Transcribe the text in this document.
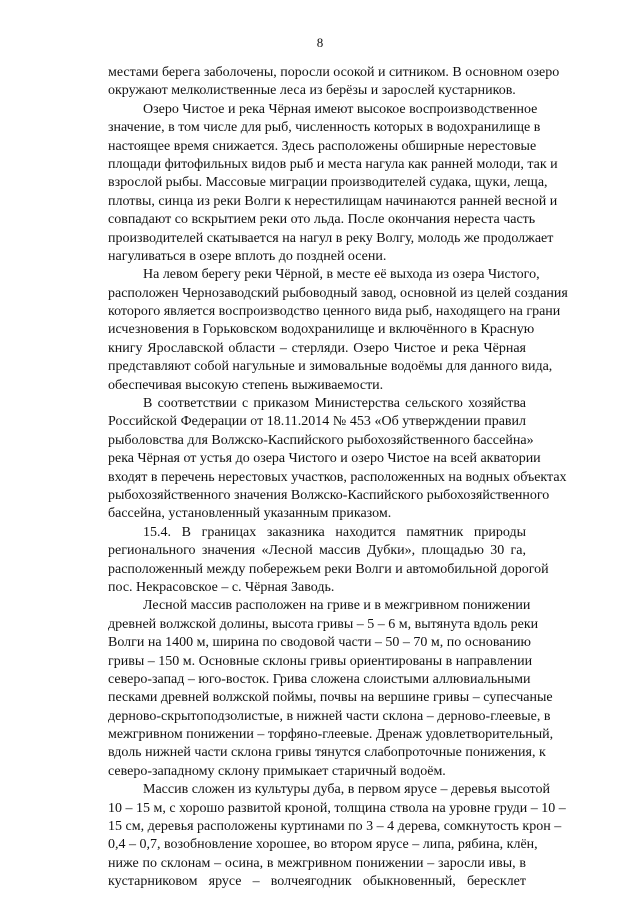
8
местами берега заболочены, поросли осокой и ситником. В основном озеро
окружают мелколиственные леса из берёзы и зарослей кустарников.
Озеро Чистое и река Чёрная имеют высокое воспроизводственное
значение, в том числе для рыб, численность которых в водохранилище в
настоящее время снижается. Здесь расположены обширные нерестовые
площади фитофильных видов рыб и места нагула как ранней молоди, так и
взрослой рыбы. Массовые миграции производителей судака, щуки, леща,
плотвы, синца из реки Волги к нерестилищам начинаются ранней весной и
совпадают со вскрытием реки ото льда. После окончания нереста часть
производителей скатывается на нагул в реку Волгу, молодь же продолжает
нагуливаться в озере вплоть до поздней осени.
На левом берегу реки Чёрной, в месте её выхода из озера Чистого,
расположен Чернозаводский рыбоводный завод, основной из целей создания
которого является воспроизводство ценного вида рыб, находящего на грани
исчезновения в Горьковском водохранилище и включённого в Красную
книгу Ярославской области – стерляди. Озеро Чистое и река Чёрная
представляют собой нагульные и зимовальные водоёмы для данного вида,
обеспечивая высокую степень выживаемости.
В соответствии с приказом Министерства сельского хозяйства
Российской Федерации от 18.11.2014 № 453 «Об утверждении правил
рыболовства для Волжско-Каспийского рыбохозяйственного бассейна»
река Чёрная от устья до озера Чистого и озеро Чистое на всей акватории
входят в перечень нерестовых участков, расположенных на водных объектах
рыбохозяйственного значения Волжско-Каспийского рыбохозяйственного
бассейна, установленный указанным приказом.
15.4. В границах заказника находится памятник природы
регионального значения «Лесной массив Дубки», площадью 30 га,
расположенный между побережьем реки Волги и автомобильной дорогой
пос. Некрасовское – с. Чёрная Заводь.
Лесной массив расположен на гриве и в межгривном понижении
древней волжской долины, высота гривы – 5 – 6 м, вытянута вдоль реки
Волги на 1400 м, ширина по сводовой части – 50 – 70 м, по основанию
гривы – 150 м. Основные склоны гривы ориентированы в направлении
северо-запад – юго-восток. Грива сложена слоистыми аллювиальными
песками древней волжской поймы, почвы на вершине гривы – супесчаные
дерново-скрытоподзолистые, в нижней части склона – дерново-глеевые, в
межгривном понижении – торфяно-глеевые. Дренаж удовлетворительный,
вдоль нижней части склона гривы тянутся слабопроточные понижения, к
северо-западному склону примыкает старичный водоём.
Массив сложен из культуры дуба, в первом ярусе – деревья высотой
10 – 15 м, с хорошо развитой кроной, толщина ствола на уровне груди – 10 –
15 см, деревья расположены куртинами по 3 – 4 дерева, сомкнутость крон –
0,4 – 0,7, возобновление хорошее, во втором ярусе – липа, рябина, клён,
ниже по склонам – осина, в межгривном понижении – заросли ивы, в
кустарниковом ярусе – волчеягодник обыкновенный, бересклет
